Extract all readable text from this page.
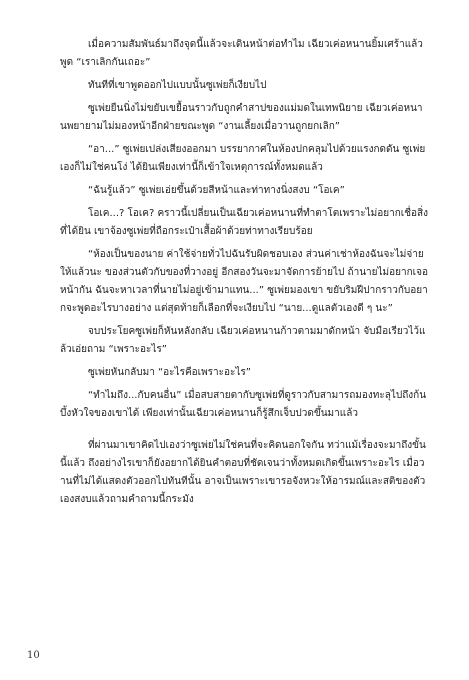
เมื่อความสัมพันธ์มาถึงจุดนี้แล้วจะเดินหน้าต่อทำไม เฉียวเค่อหนานยิ้มเศร้าแล้วพูด “เราเลิกกันเถอะ”

ทันทีที่เขาพูดออกไปแบบนั้นซูเพ่ยก็เงียบไป

ซูเพ่ยยืนนิ่งไม่ขยับเขยื้อนราวกับถูกคำสาปของแม่มดในเทพนิยาย เฉียวเค่อหนานพยายามไม่มองหน้าอีกฝ่ายขณะพูด “งานเลี้ยงเมื่อวานถูกยกเลิก”

“อา...” ซูเพ่ยเปล่งเสียงออกมา บรรยากาศในห้องปกคลุมไปด้วยแรงกดดัน ซูเพ่ยเองก็ไม่ใช่คนโง่ ได้ยินเพียงเท่านี้ก็เข้าใจเหตุการณ์ทั้งหมดแล้ว

“ฉันรู้แล้ว” ซูเพ่ยเอ่ยขึ้นด้วยสีหน้าและท่าทางนิ่งสงบ “โอเค”

โอเค...? โอเค? คราวนี้เปลี่ยนเป็นเฉียวเค่อหนานที่ทำตาโตเพราะไม่อยากเชื่อสิ่งที่ได้ยิน เขาจ้องซูเพ่ยที่ถือกระเป๋าเสื้อผ้าด้วยท่าทางเรียบร้อย

“ห้องเป็นของนาย ค่าใช้จ่ายทั่วไปฉันรับผิดชอบเอง ส่วนค่าเช่าห้องฉันจะไม่จ่ายให้แล้วนะ ของส่วนตัวกับของที่วางอยู่ อีกสองวันจะมาจัดการย้ายไป ถ้านายไม่อยากเจอหน้ากัน ฉันจะหาเวลาที่นายไม่อยู่เข้ามาแทน...” ซูเพ่ยมองเขา ขยับริมฝีปากราวกับอยากจะพูดอะไรบางอย่าง แต่สุดท้ายก็เลือกที่จะเงียบไป “นาย...ดูแลตัวเองดี ๆ นะ”

จบประโยคซูเพ่ยก็หันหลังกลับ เฉียวเค่อหนานก้าวตามมาดักหน้า จับมือเรียวไว้แล้วเอ่ยถาม “เพราะอะไร”

ซูเพ่ยหันกลับมา “อะไรคือเพราะอะไร”

“ทำไมถึง...กับคนอื่น” เมื่อสบสายตากับซูเพ่ยที่ดูราวกับสามารถมองทะลุไปถึงก้นบึ้งหัวใจของเขาได้ เพียงเท่านั้นเฉียวเค่อหนานก็รู้สึกเจ็บปวดขึ้นมาแล้ว

ที่ผ่านมาเขาคิดไปเองว่าซูเพ่ยไม่ใช่คนที่จะคิดนอกใจกัน ทว่าแม้เรื่องจะมาถึงขั้นนี้แล้ว ถึงอย่างไรเขาก็ยังอยากได้ยินคำตอบที่ชัดเจนว่าทั้งหมดเกิดขึ้นเพราะอะไร เมื่อวานที่ไม่ได้แสดงตัวออกไปทันทีนั้น อาจเป็นเพราะเขารอจังหวะให้อารมณ์และสติของตัวเองสงบแล้วถามคำถามนี้กระมัง

10
